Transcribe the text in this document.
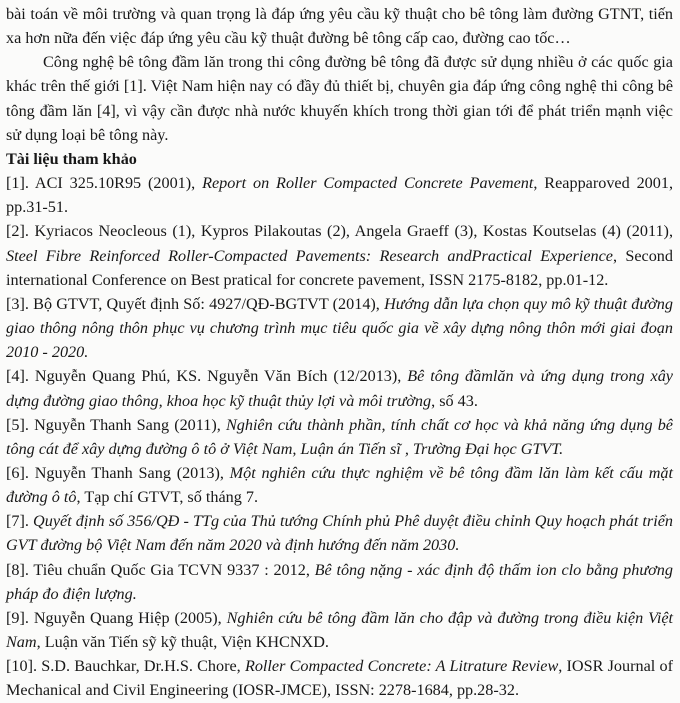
bài toán về môi trường và quan trọng là đáp ứng yêu cầu kỹ thuật cho bê tông làm đường GTNT, tiến xa hơn nữa đến việc đáp ứng yêu cầu kỹ thuật đường bê tông cấp cao, đường cao tốc…

Công nghệ bê tông đầm lăn trong thi công đường bê tông đã được sử dụng nhiều ở các quốc gia khác trên thế giới [1]. Việt Nam hiện nay có đầy đủ thiết bị, chuyên gia đáp ứng công nghệ thi công bê tông đầm lăn [4], vì vậy cần được nhà nước khuyến khích trong thời gian tới để phát triển mạnh việc sử dụng loại bê tông này.

Tài liệu tham khảo

[1]. ACI 325.10R95 (2001), Report on Roller Compacted Concrete Pavement, Reapparoved 2001, pp.31-51.

[2]. Kyriacos Neocleous (1), Kypros Pilakoutas (2), Angela Graeff (3), Kostas Koutselas (4) (2011), Steel Fibre Reinforced Roller-Compacted Pavements: Research andPractical Experience, Second international Conference on Best pratical for concrete pavement, ISSN 2175-8182, pp.01-12.

[3]. Bộ GTVT, Quyết định Số: 4927/QĐ-BGTVT (2014), Hướng dẫn lựa chọn quy mô kỹ thuật đường giao thông nông thôn phục vụ chương trình mục tiêu quốc gia về xây dựng nông thôn mới giai đoạn 2010 - 2020.

[4]. Nguyễn Quang Phú, KS. Nguyễn Văn Bích (12/2013), Bê tông đầmlăn và ứng dụng trong xây dựng đường giao thông, khoa học kỹ thuật thủy lợi và môi trường, số 43.

[5]. Nguyễn Thanh Sang (2011), Nghiên cứu thành phần, tính chất cơ học và khả năng ứng dụng bê tông cát để xây dựng đường ô tô ở Việt Nam, Luận án Tiến sĩ , Trường Đại học GTVT.

[6]. Nguyễn Thanh Sang (2013), Một nghiên cứu thực nghiệm về bê tông đầm lăn làm kết cấu mặt đường ô tô, Tạp chí GTVT, số tháng 7.

[7]. Quyết định số 356/QĐ - TTg của Thủ tướng Chính phủ Phê duyệt điều chỉnh Quy hoạch phát triển GVT đường bộ Việt Nam đến năm 2020 và định hướng đến năm 2030.

[8]. Tiêu chuẩn Quốc Gia TCVN 9337 : 2012, Bê tông nặng - xác định độ thấm ion clo bằng phương pháp đo điện lượng.

[9]. Nguyễn Quang Hiệp (2005), Nghiên cứu bê tông đầm lăn cho đập và đường trong điều kiện Việt Nam, Luận văn Tiến sỹ kỹ thuật, Viện KHCNXD.

[10]. S.D. Bauchkar, Dr.H.S. Chore, Roller Compacted Concrete: A Litrature Review, IOSR Journal of Mechanical and Civil Engineering (IOSR-JMCE), ISSN: 2278-1684, pp.28-32.
